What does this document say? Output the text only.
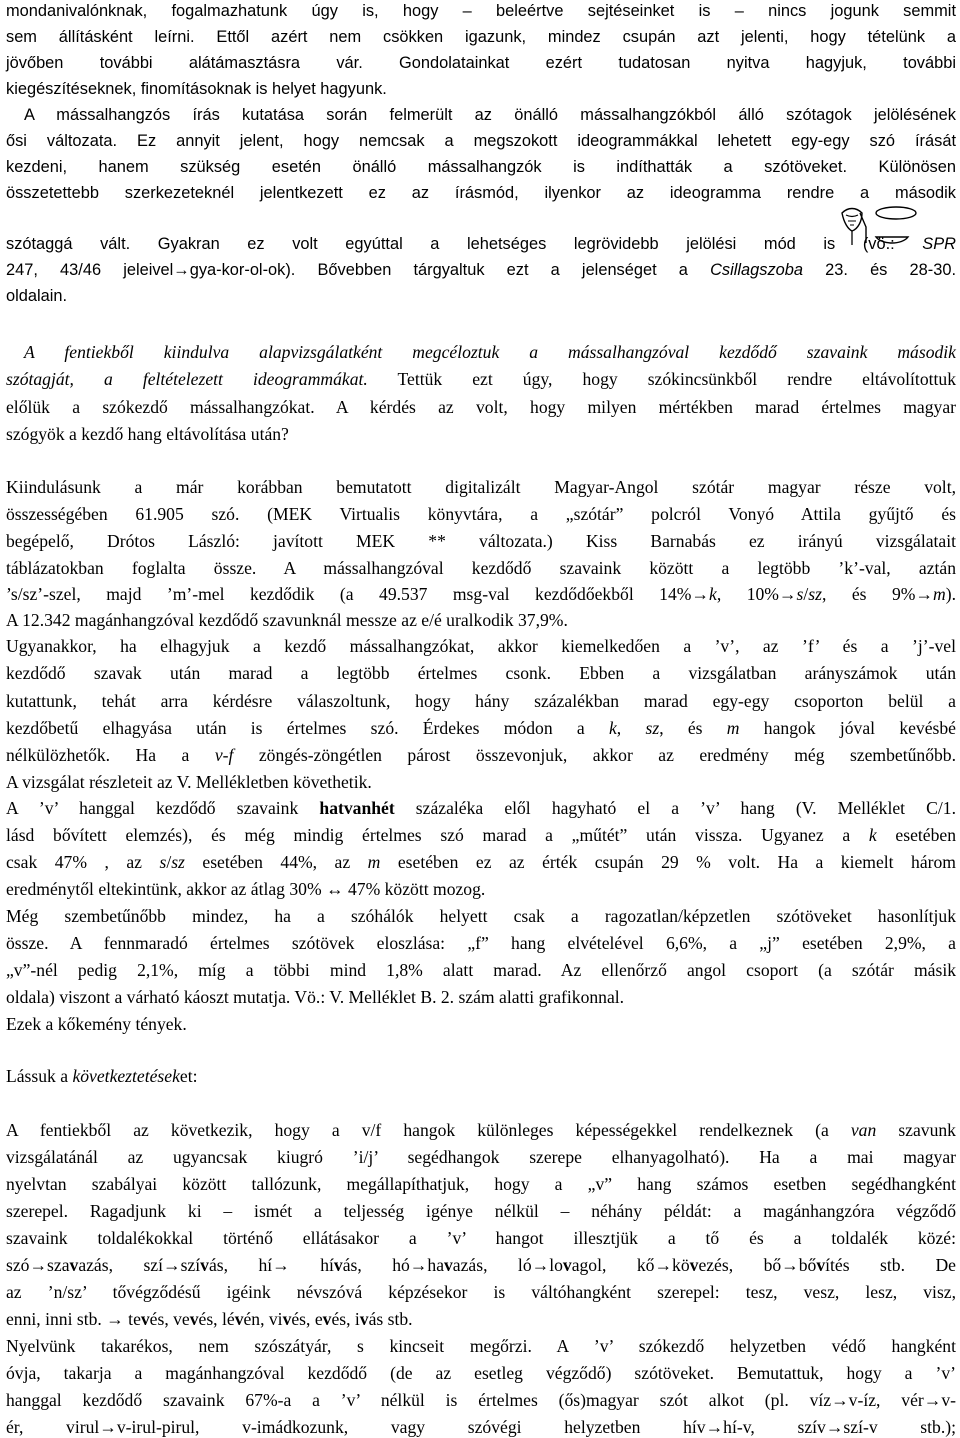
mondanivalónknak, fogalmazhatunk úgy is, hogy – beleértve sejtéseinket is – nincs jogunk semmit
sem állításként leírni. Ettől azért nem csökken igazunk, mindez csupán azt jelenti, hogy tételünk a
jövőben további alátámasztásra vár. Gondolatainkat ezért tudatosan nyitva hagyjuk, további
kiegészítéseknek, finomításoknak is helyet hagyunk.
A mássalhangzós írás kutatása során felmerült az önálló mássalhangzókból álló szótagok jelölésének
ősi változata. Ez annyit jelent, hogy nemcsak a megszokott ideogrammákkal lehetett egy-egy szó írását
kezdeni, hanem szükség esetén önálló mássalhangzók is indíthatták a szótöveket. Különösen
összetettebb szerkezeteknél jelentkezett ez az írásmód, ilyenkor az ideogramma rendre a második
szótaggá vált. Gyakran ez volt egyúttal a lehetséges legrövidebb jelölési mód is (vö.: SPR
247, 43/46 jeleivel→gya-kor-ol-ok). Bővebben tárgyaltuk ezt a jelenséget a Csillagszoba 23. és 28-30.
oldalain.
A fentiekből kiindulva alapvizsgálatként megcéloztuk a mássalhangzóval kezdődő szavaink második
szótagját, a feltételezett ideogrammákat. Tettük ezt úgy, hogy szókincsünkből rendre eltávolítottuk
előlük a szókezdő mássalhangzókat. A kérdés az volt, hogy milyen mértékben marad értelmes magyar
szógyök a kezdő hang eltávolítása után?
Kiindulásunk a már korábban bemutatott digitalizált Magyar-Angol szótár magyar része volt,
összességében 61.905 szó. (MEK Virtualis könyvtára, a „szótár” polcról Vonyó Attila gyűjtő és
begépelő, Drótos László: javított MEK ** változata.) Kiss Barnabás ez irányú vizsgálatait
táblázatokban foglalta össze. A mássalhangzóval kezdődő szavaink között a legtöbb ’k’-val, aztán
’s/sz’-szel, majd ’m’-mel kezdődik (a 49.537 msg-val kezdődőekből 14%→k, 10%→s/sz, és 9%→m).
A 12.342 magánhangzóval kezdődő szavunknál messze az e/é uralkodik 37,9%.
Ugyanakkor, ha elhagyjuk a kezdő mássalhangzókat, akkor kiemelkedően a ’v’, az ’f’ és a ’j’-vel
kezdődő szavak után marad a legtöbb értelmes csonk. Ebben a vizsgálatban arányszámok után
kutattunk, tehát arra kérdésre válaszoltunk, hogy hány százalékban marad egy-egy csoporton belül a
kezdőbetű elhagyása után is értelmes szó. Érdekes módon a k, sz, és m hangok jóval kevésbé
nélkülözhetők. Ha a v-f zöngés-zöngétlen párost összevonjuk, akkor az eredmény még szembetűnőbb.
A vizsgálat részleteit az V. Mellékletben követhetik.
A ’v’ hanggal kezdődő szavaink hatvanhét százaléka elől hagyható el a ’v’ hang (V. Melléklet C/1.
lásd bővített elemzés), és még mindig értelmes szó marad a „műtét” után vissza. Ugyanez a k esetében
csak 47% , az s/sz esetében 44%, az m esetében ez az érték csupán 29 % volt. Ha a kiemelt három
eredménytől eltekintünk, akkor az átlag 30% ↔ 47% között mozog.
Még szembetűnőbb mindez, ha a szóhálók helyett csak a ragozatlan/képzetlen szótöveket hasonlítjuk
össze. A fennmaradó értelmes szótövek eloszlása: „f” hang elvételével 6,6%, a „j” esetében 2,9%, a
„v”-nél pedig 2,1%, míg a többi mind 1,8% alatt marad. Az ellenőrző angol csoport (a szótár másik
oldala) viszont a várható káoszt mutatja. Vö.: V. Melléklet B. 2. szám alatti grafikonnal.
Ezek a kőkemény tények.
Lássuk a következtetéseket:
A fentiekből az következik, hogy a v/f hangok különleges képességekkel rendelkeznek (a van szavunk
vizsgálatánál az ugyancsak kiugró ’i/j’ segédhangok szerepe elhanyagolható). Ha a mai magyar
nyelvtan szabályai között tallózunk, megállapíthatjuk, hogy a „v” hang számos esetben segédhangként
szerepel. Ragadjunk ki – ismét a teljesség igénye nélkül – néhány példát: a magánhangzóra végződő
szavaink toldalékokkal történő ellátásakor a ’v’ hangot illesztjük a tő és a toldalék közé:
szó→szavazás, szí→szívás, hí→ hívás, hó→havazás, ló→lovagol, kő→kövezés, bő→bővítés stb. De
az ’n/sz’ tővégződésű igéink névszóvá képzésekor is váltóhangként szerepel: tesz, vesz, lesz, visz,
enni, inni stb. → tevés, vevés, lévén, vivés, evés, ivás stb.
Nyelvünk takarékos, nem szószátyár, s kincseit megőrzi. A ’v’ szókezdő helyzetben védő hangként
óvja, takarja a magánhangzóval kezdődő (de az esetleg végződő) szótöveket. Bemutattuk, hogy a ’v’
hanggal kezdődő szavaink 67%-a a ’v’ nélkül is értelmes (ős)magyar szót alkot (pl. víz→v-íz, vér→v-
ér, virul→v-irul-pirul, v-imádkozunk, vagy szóvégi helyzetben hív→hí-v, szív→szí-v stb.);
